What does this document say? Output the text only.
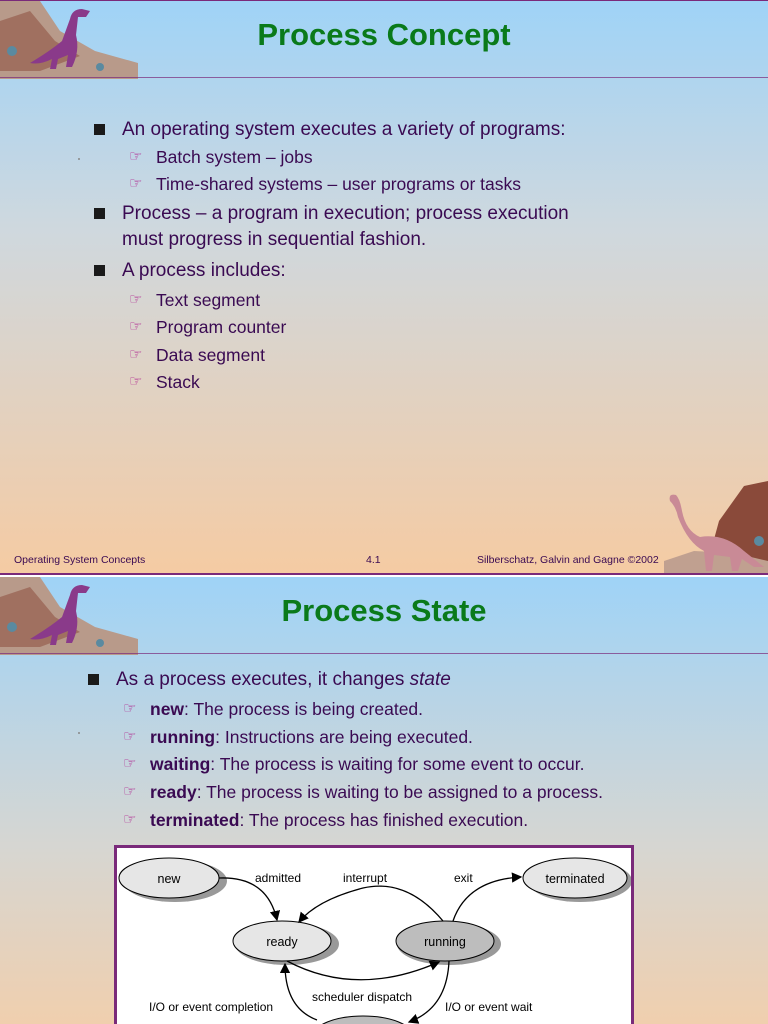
Process Concept
An operating system executes a variety of programs:
☞ Batch system – jobs
☞ Time-shared systems – user programs or tasks
Process – a program in execution; process execution
must progress in sequential fashion.
A process includes:
☞ Text segment
☞ Program counter
☞ Data segment
☞ Stack
Operating System Concepts	4.1	Silberschatz, Galvin and Gagne ©2002
Process State
As a process executes, it changes state
☞ new: The process is being created.
☞ running: Instructions are being executed.
☞ waiting: The process is waiting for some event to occur.
☞ ready: The process is waiting to be assigned to a process.
☞ terminated: The process has finished execution.
new
ready	running
terminated
admitted	interrupt	exit
scheduler dispatch
I/O or event completion	I/O or event wait
